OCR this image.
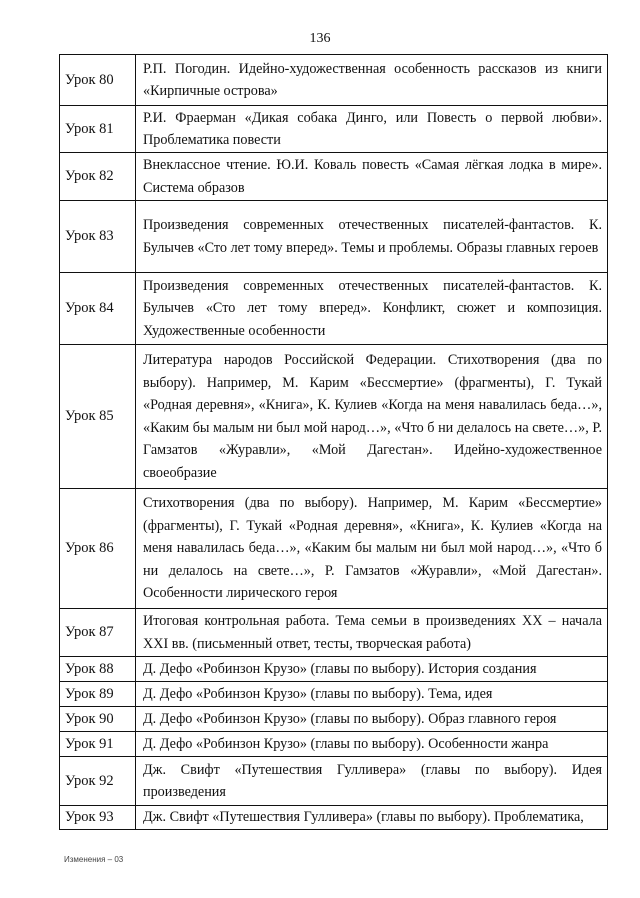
136
Урок 80	Р.П. Погодин. Идейно-художественная особенность рассказов из книги «Кирпичные острова»
Урок 81	Р.И. Фраерман «Дикая собака Динго, или Повесть о первой любви». Проблематика повести
Урок 82	Внеклассное чтение. Ю.И. Коваль повесть «Самая лёгкая лодка в мире». Система образов
Урок 83	Произведения современных отечественных писателей-фантастов. К. Булычев «Сто лет тому вперед». Темы и проблемы. Образы главных героев
Урок 84	Произведения современных отечественных писателей-фантастов. К. Булычев «Сто лет тому вперед». Конфликт, сюжет и композиция. Художественные особенности
Урок 85	Литература народов Российской Федерации. Стихотворения (два по выбору). Например, М. Карим «Бессмертие» (фрагменты), Г. Тукай «Родная деревня», «Книга», К. Кулиев «Когда на меня навалилась беда…», «Каким бы малым ни был мой народ…», «Что б ни делалось на свете…», Р. Гамзатов «Журавли», «Мой Дагестан». Идейно-художественное своеобразие
Урок 86	Стихотворения (два по выбору). Например, М. Карим «Бессмертие» (фрагменты), Г. Тукай «Родная деревня», «Книга», К. Кулиев «Когда на меня навалилась беда…», «Каким бы малым ни был мой народ…», «Что б ни делалось на свете…», Р. Гамзатов «Журавли», «Мой Дагестан». Особенности лирического героя
Урок 87	Итоговая контрольная работа. Тема семьи в произведениях XX – начала XXI вв. (письменный ответ, тесты, творческая работа)
Урок 88	Д. Дефо «Робинзон Крузо» (главы по выбору). История создания
Урок 89	Д. Дефо «Робинзон Крузо» (главы по выбору). Тема, идея
Урок 90	Д. Дефо «Робинзон Крузо» (главы по выбору). Образ главного героя
Урок 91	Д. Дефо «Робинзон Крузо» (главы по выбору). Особенности жанра
Урок 92	Дж. Свифт «Путешествия Гулливера» (главы по выбору). Идея произведения
Урок 93	Дж. Свифт «Путешествия Гулливера» (главы по выбору). Проблематика,
Изменения – 03
